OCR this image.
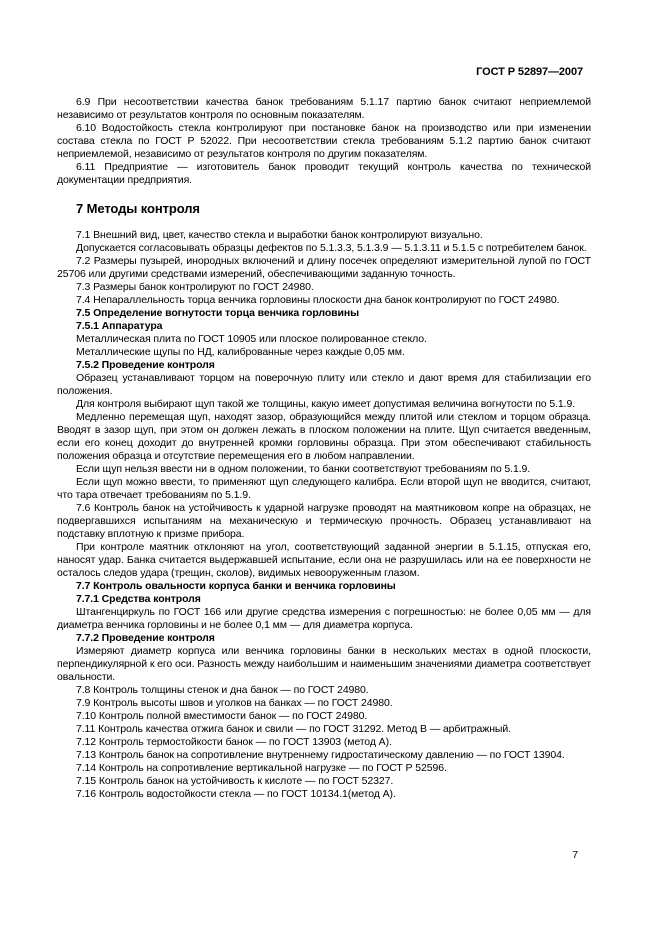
ГОСТ Р 52897—2007
6.9 При несоответствии качества банок требованиям 5.1.17 партию банок считают неприемлемой независимо от результатов контроля по основным показателям.
6.10 Водостойкость стекла контролируют при постановке банок на производство или при изменении состава стекла по ГОСТ Р 52022. При несоответствии стекла требованиям 5.1.2 партию банок считают неприемлемой, независимо от результатов контроля по другим показателям.
6.11 Предприятие — изготовитель банок проводит текущий контроль качества по технической документации предприятия.
7 Методы контроля
7.1 Внешний вид, цвет, качество стекла и выработки банок контролируют визуально.
Допускается согласовывать образцы дефектов по 5.1.3.3, 5.1.3.9 — 5.1.3.11 и 5.1.5 с потребителем банок.
7.2 Размеры пузырей, инородных включений и длину посечек определяют измерительной лупой по ГОСТ 25706 или другими средствами измерений, обеспечивающими заданную точность.
7.3 Размеры банок контролируют по ГОСТ 24980.
7.4 Непараллельность торца венчика горловины плоскости дна банок контролируют по ГОСТ 24980.
7.5 Определение вогнутости торца венчика горловины
7.5.1 Аппаратура
Металлическая плита по ГОСТ 10905 или плоское полированное стекло.
Металлические щупы по НД, калиброванные через каждые 0,05 мм.
7.5.2 Проведение контроля
Образец устанавливают торцом на поверочную плиту или стекло и дают время для стабилизации его положения.
Для контроля выбирают щуп такой же толщины, какую имеет допустимая величина вогнутости по 5.1.9.
Медленно перемещая щуп, находят зазор, образующийся между плитой или стеклом и торцом образца. Вводят в зазор щуп, при этом он должен лежать в плоском положении на плите. Щуп считается введенным, если его конец доходит до внутренней кромки горловины образца. При этом обеспечивают стабильность положения образца и отсутствие перемещения его в любом направлении.
Если щуп нельзя ввести ни в одном положении, то банки соответствуют требованиям по 5.1.9.
Если щуп можно ввести, то применяют щуп следующего калибра. Если второй щуп не вводится, считают, что тара отвечает требованиям по 5.1.9.
7.6 Контроль банок на устойчивость к ударной нагрузке проводят на маятниковом копре на образцах, не подвергавшихся испытаниям на механическую и термическую прочность. Образец устанавливают на подставку вплотную к призме прибора.
При контроле маятник отклоняют на угол, соответствующий заданной энергии в 5.1.15, отпуская его, наносят удар. Банка считается выдержавшей испытание, если она не разрушилась или на ее поверхности не осталось следов удара (трещин, сколов), видимых невооруженным глазом.
7.7 Контроль овальности корпуса банки и венчика горловины
7.7.1 Средства контроля
Штангенциркуль по ГОСТ 166 или другие средства измерения с погрешностью: не более 0,05 мм — для диаметра венчика горловины и не более 0,1 мм — для диаметра корпуса.
7.7.2 Проведение контроля
Измеряют диаметр корпуса или венчика горловины банки в нескольких местах в одной плоскости, перпендикулярной к его оси. Разность между наибольшим и наименьшим значениями диаметра соответствует овальности.
7.8 Контроль толщины стенок и дна банок — по ГОСТ 24980.
7.9 Контроль высоты швов и уголков на банках — по ГОСТ 24980.
7.10 Контроль полной вместимости банок — по ГОСТ 24980.
7.11 Контроль качества отжига банок и свили — по ГОСТ 31292. Метод В — арбитражный.
7.12 Контроль термостойкости банок — по ГОСТ 13903 (метод А).
7.13 Контроль банок на сопротивление внутреннему гидростатическому давлению — по ГОСТ 13904.
7.14 Контроль на сопротивление вертикальной нагрузке — по ГОСТ Р 52596.
7.15 Контроль банок на устойчивость к кислоте — по ГОСТ 52327.
7.16 Контроль водостойкости стекла — по ГОСТ 10134.1(метод А).
7
